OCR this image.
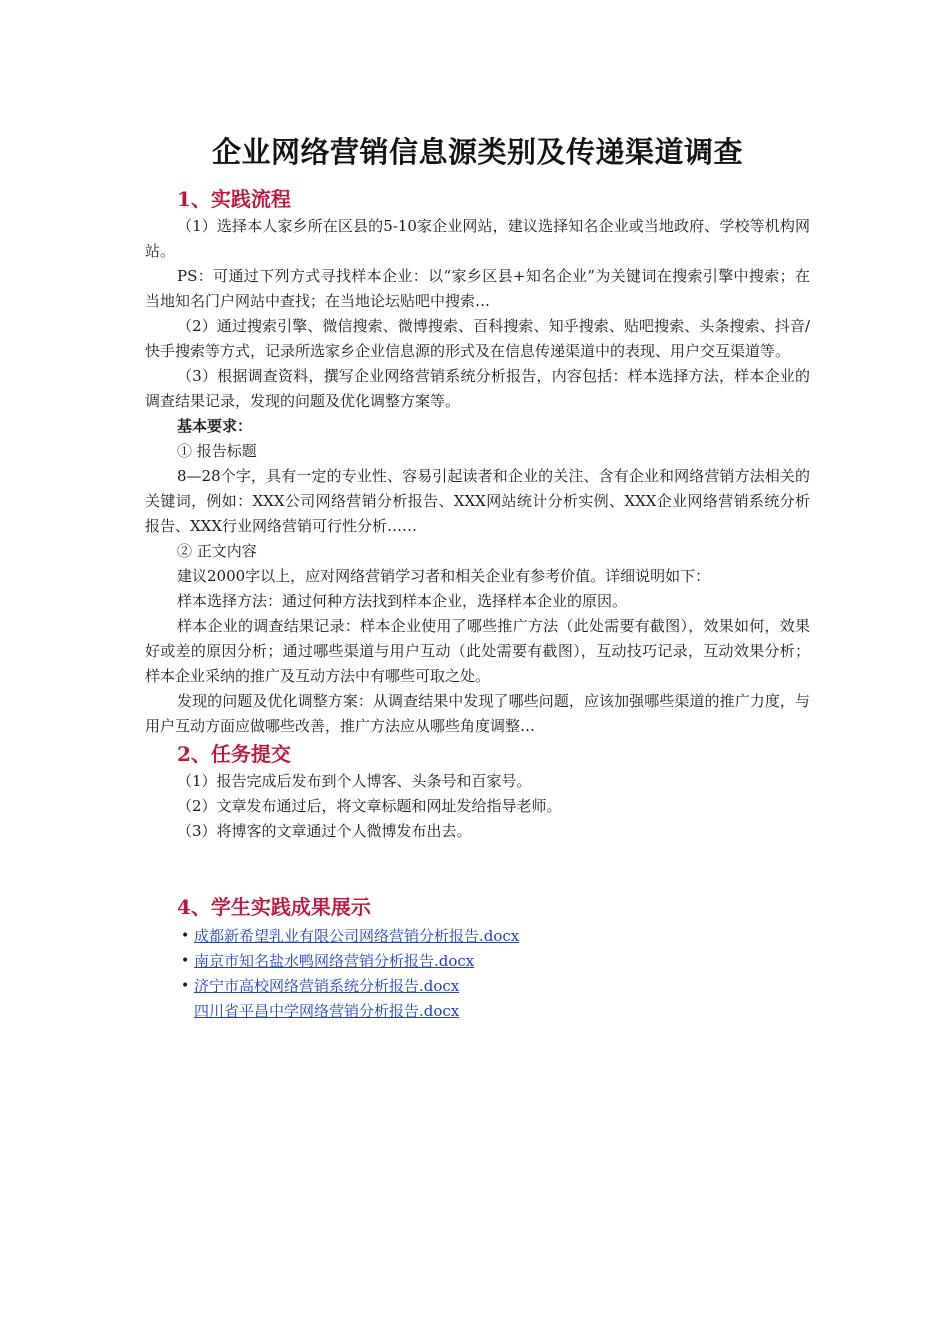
企业网络营销信息源类别及传递渠道调查
1、实践流程

（1）选择本人家乡所在区县的5-10家企业网站，建议选择知名企业或当地政府、学校等机构网站。

PS：可通过下列方式寻找样本企业：以“家乡区县+知名企业”为关键词在搜索引擎中搜索；在当地知名门户网站中查找；在当地论坛贴吧中搜索…

（2）通过搜索引擎、微信搜索、微博搜索、百科搜索、知乎搜索、贴吧搜索、头条搜索、抖音/快手搜索等方式，记录所选家乡企业信息源的形式及在信息传递渠道中的表现、用户交互渠道等。

（3）根据调查资料，撰写企业网络营销系统分析报告，内容包括：样本选择方法，样本企业的调查结果记录，发现的问题及优化调整方案等。

基本要求：

① 报告标题

8—28个字，具有一定的专业性、容易引起读者和企业的关注、含有企业和网络营销方法相关的关键词，例如：XXX公司网络营销分析报告、XXX网站统计分析实例、XXX企业网络营销系统分析报告、XXX行业网络营销可行性分析……

② 正文内容

建议2000字以上，应对网络营销学习者和相关企业有参考价值。详细说明如下：

样本选择方法：通过何种方法找到样本企业，选择样本企业的原因。

样本企业的调查结果记录：样本企业使用了哪些推广方法（此处需要有截图），效果如何，效果好或差的原因分析；通过哪些渠道与用户互动（此处需要有截图），互动技巧记录，互动效果分析；样本企业采纳的推广及互动方法中有哪些可取之处。

发现的问题及优化调整方案：从调查结果中发现了哪些问题，应该加强哪些渠道的推广力度，与用户互动方面应做哪些改善，推广方法应从哪些角度调整…

2、任务提交

（1）报告完成后发布到个人博客、头条号和百家号。

（2）文章发布通过后，将文章标题和网址发给指导老师。

（3）将博客的文章通过个人微博发布出去。

4、学生实践成果展示
• 成都新希望乳业有限公司网络营销分析报告.docx
• 南京市知名盐水鸭网络营销分析报告.docx
• 济宁市高校网络营销系统分析报告.docx
四川省平昌中学网络营销分析报告.docx
